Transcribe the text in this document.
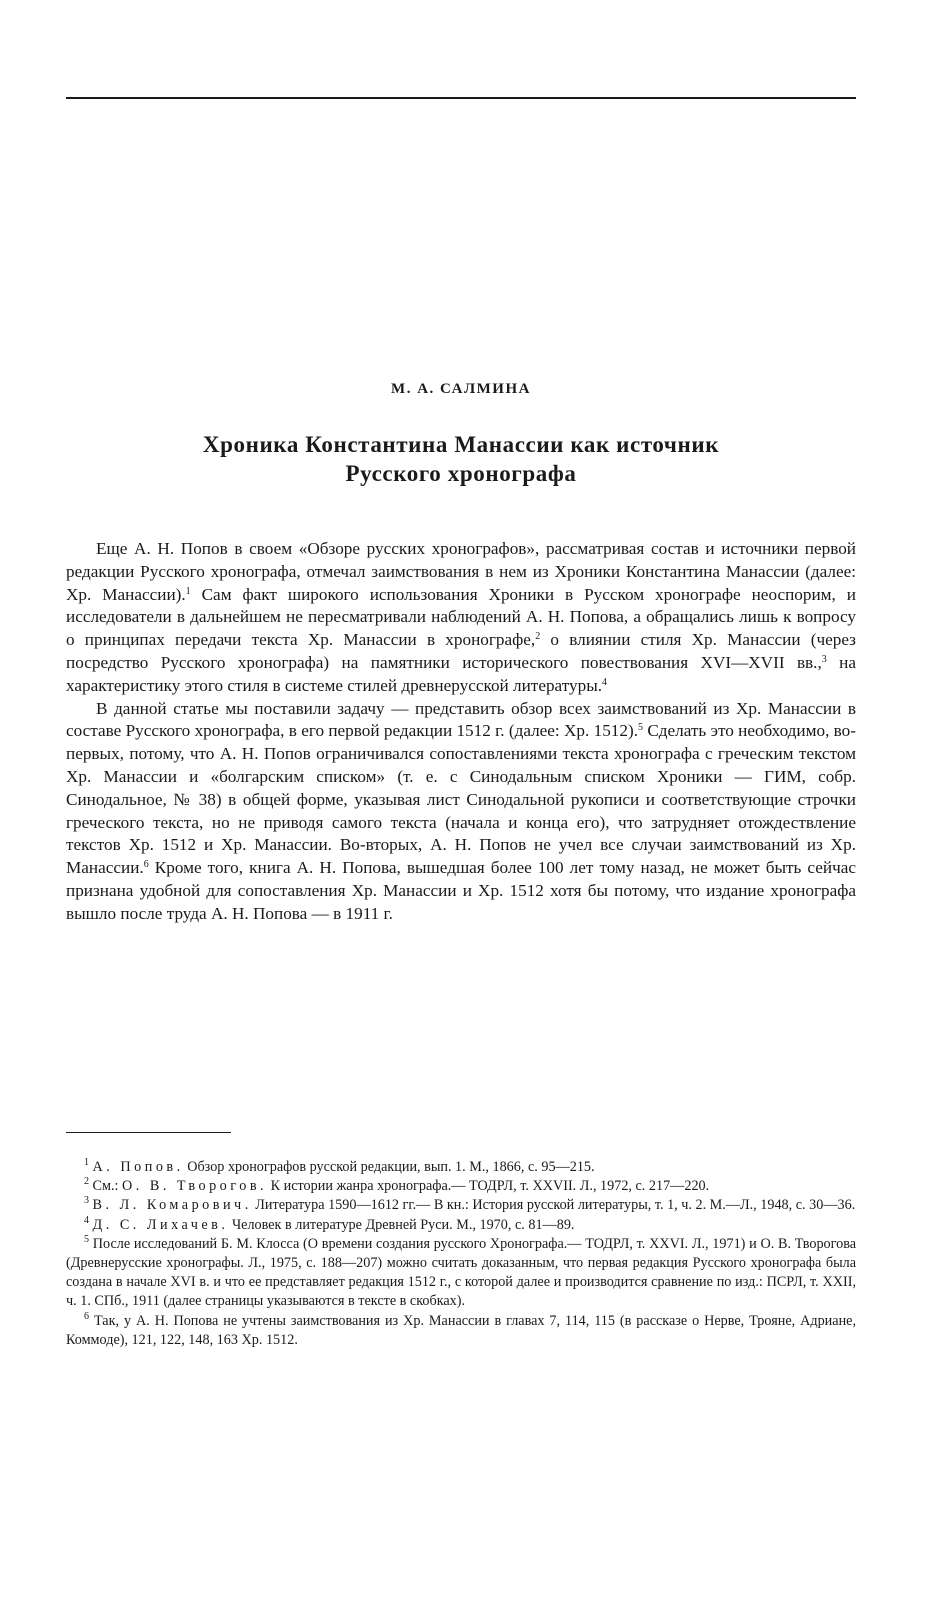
М. А. САЛМИНА
Хроника Константина Манассии как источник
Русского хронографа

Еще А. Н. Попов в своем «Обзоре русских хронографов», рассматривая состав и источники первой редакции Русского хронографа, отмечал заимствования в нем из Хроники Константина Манассии (далее: Хр. Манассии).$^1$ Сам факт широкого использования Хроники в Русском хронографе неоспорим, и исследователи в дальнейшем не пересматривали наблюдений А. Н. Попова, а обращались лишь к вопросу о принципах передачи текста Хр. Манассии в хронографе,$^2$ о влиянии стиля Хр. Манассии (через посредство Русского хронографа) на памятники исторического повествования XVI—XVII вв.,$^3$ на характеристику этого стиля в системе стилей древнерусской литературы.$^4$

В данной статье мы поставили задачу — представить обзор всех заимствований из Хр. Манассии в составе Русского хронографа, в его первой редакции 1512 г. (далее: Хр. 1512).$^5$ Сделать это необходимо, во-первых, потому, что А. Н. Попов ограничивался сопоставлениями текста хронографа с греческим текстом Хр. Манассии и «болгарским списком» (т. е. с Синодальным списком Хроники — ГИМ, собр. Синодальное, № 38) в общей форме, указывая лист Синодальной рукописи и соответствующие строчки греческого текста, но не приводя самого текста (начала и конца его), что затрудняет отождествление текстов Хр. 1512 и Хр. Манассии. Во-вторых, А. Н. Попов не учел все случаи заимствований из Хр. Манассии.$^6$ Кроме того, книга А. Н. Попова, вышедшая более 100 лет тому назад, не может быть сейчас признана удобной для сопоставления Хр. Манассии и Хр. 1512 хотя бы потому, что издание хронографа вышло после труда А. Н. Попова — в 1911 г.

$^1$ А. Попов. Обзор хронографов русской редакции, вып. 1. М., 1866, с. 95—215.

$^2$ См.: О. В. Творогов. К истории жанра хронографа.— ТОДРЛ, т. XXVII. Л., 1972, с. 217—220.

$^3$ В. Л. Комарович. Литература 1590—1612 гг.— В кн.: История русской литературы, т. 1, ч. 2. М.—Л., 1948, с. 30—36.

$^4$ Д. С. Лихачев. Человек в литературе Древней Руси. М., 1970, с. 81—89.

$^5$ После исследований Б. М. Клосса (О времени создания русского Хронографа.— ТОДРЛ, т. XXVI. Л., 1971) и О. В. Творогова (Древнерусские хронографы. Л., 1975, с. 188—207) можно считать доказанным, что первая редакция Русского хронографа была создана в начале XVI в. и что ее представляет редакция 1512 г., с которой далее и производится сравнение по изд.: ПСРЛ, т. XXII, ч. 1. СПб., 1911 (далее страницы указываются в тексте в скобках).

$^6$ Так, у А. Н. Попова не учтены заимствования из Хр. Манассии в главах 7, 114, 115 (в рассказе о Нерве, Трояне, Адриане, Коммоде), 121, 122, 148, 163 Хр. 1512.
